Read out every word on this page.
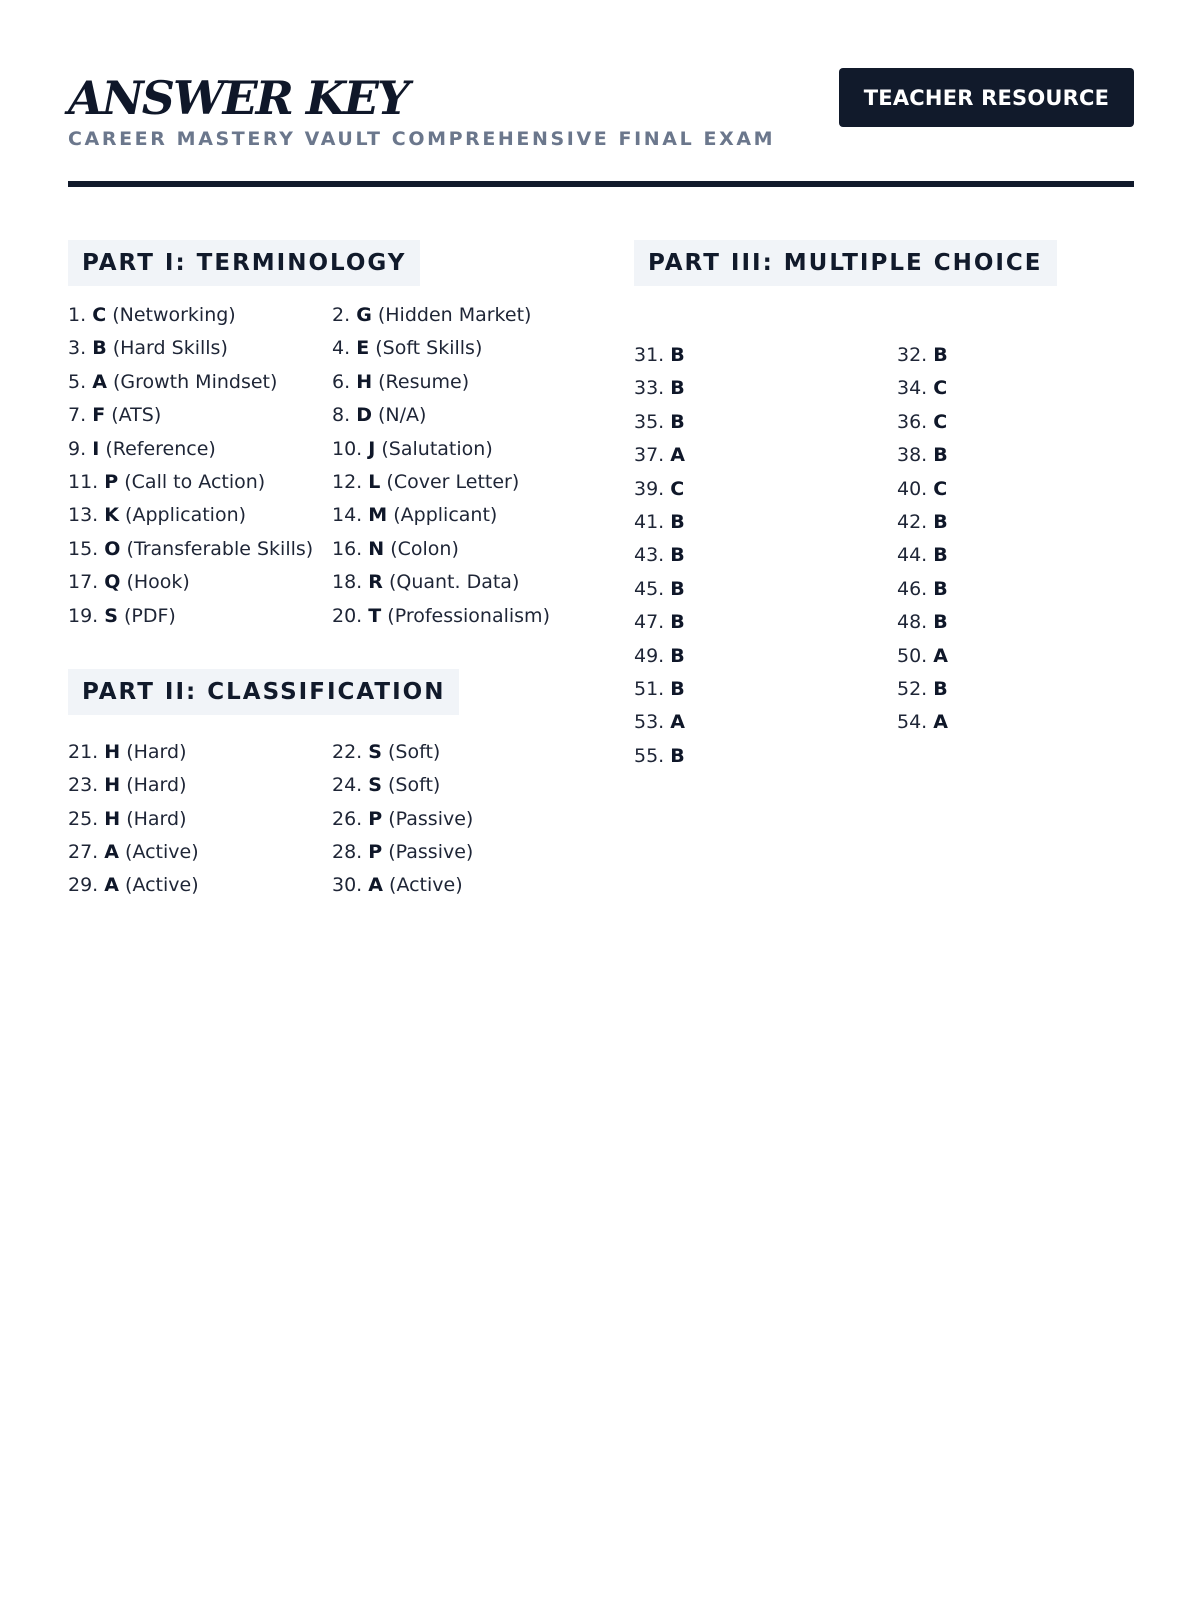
ANSWER KEY
CAREER MASTERY VAULT COMPREHENSIVE FINAL EXAM
TEACHER RESOURCE
PART I: TERMINOLOGY
1. C (Networking)	2. G (Hidden Market)
3. B (Hard Skills)	4. E (Soft Skills)
5. A (Growth Mindset)	6. H (Resume)
7. F (ATS)	8. D (N/A)
9. I (Reference)	10. J (Salutation)
11. P (Call to Action)	12. L (Cover Letter)
13. K (Application)	14. M (Applicant)
15. O (Transferable Skills) 16. N (Colon)
17. Q (Hook)	18. R (Quant. Data)
19. S (PDF)	20. T (Professionalism)
PART II: CLASSIFICATION
21. H (Hard)	22. S (Soft)
23. H (Hard)	24. S (Soft)
25. H (Hard)	26. P (Passive)
27. A (Active)	28. P (Passive)
29. A (Active)	30. A (Active)
PART III: MULTIPLE CHOICE
31. B	32. B
33. B	34. C
35. B	36. C
37. A	38. B
39. C	40. C
41. B	42. B
43. B	44. B
45. B	46. B
47. B	48. B
49. B	50. A
51. B	52. B
53. A	54. A
55. B
